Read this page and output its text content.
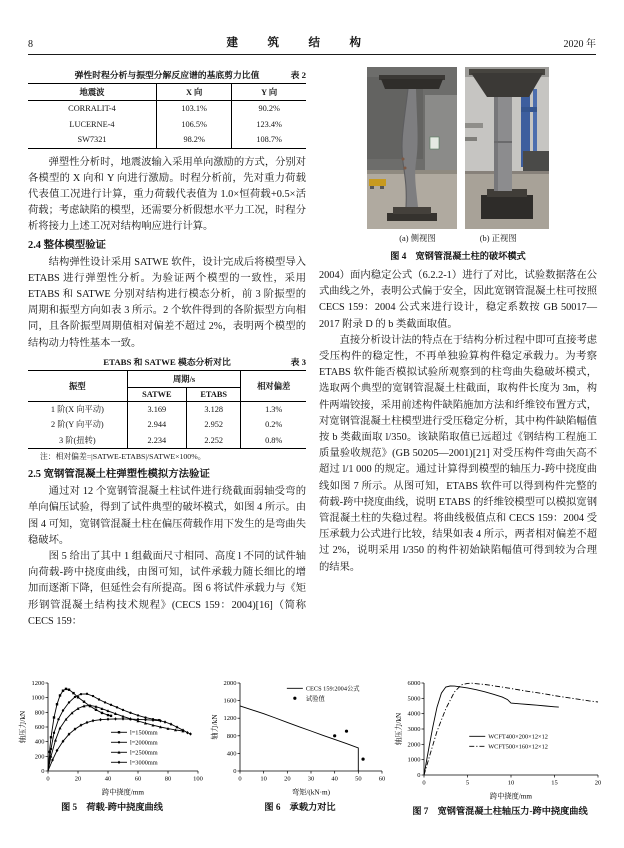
8	建　筑　结　构	2020 年
弹性时程分析与振型分解反应谱的基底剪力比值	表 2
地震波	X 向	Y 向
CORRALIT-4	103.1%	90.2%
LUCERNE-4	106.5%	123.4%
SW7321	98.2%	108.7%

弹塑性分析时，地震波输入采用单向激励的方式，分别对各模型的 X 向和 Y 向进行激励。时程分析前，先对重力荷载代表值工况进行计算，重力荷载代表值为 1.0×恒荷载+0.5×活荷载；考虑缺陷的模型，还需要分析假想水平力工况，时程分析将接力上述工况对结构响应进行计算。

2.4 整体模型验证

结构弹性设计采用 SATWE 软件，设计完成后将模型导入 ETABS 进行弹塑性分析。为验证两个模型的一致性，采用 ETABS 和 SATWE 分别对结构进行模态分析，前 3 阶振型的周期和振型方向如表 3 所示。2 个软件得到的各阶振型方向相同，且各阶振型周期值相对偏差不超过 2%，表明两个模型的结构动力特性基本一致。

ETABS 和 SATWE 模态分析对比	表 3
振型	周期/s		相对偏差
	SATWE	ETABS	
1 阶(X 向平动)	3.169	3.128	1.3%
2 阶(Y 向平动)	2.944	2.952	0.2%
3 阶(扭转)	2.234	2.252	0.8%
注：相对偏差=|SATWE-ETABS|/SATWE×100%。
2.5 宽钢管混凝土柱弹塑性模拟方法验证

通过对 12 个宽钢管混凝土柱试件进行绕截面弱轴受弯的单向偏压试验，得到了试件典型的破坏模式，如图 4 所示。由图 4 可知，宽钢管混凝土柱在偏压荷载作用下发生的是弯曲失稳破坏。

图 5 给出了其中 1 组截面尺寸相同、高度 l 不同的试件轴向荷载-跨中挠度曲线，由图可知，试件承载力随长细比的增加而逐渐下降，但延性会有所提高。图 6 将试件承载力与《矩形钢管混凝土结构技术规程》(CECS 159：2004)[16]（简称 CECS 159：

(a) 侧视图	(b) 正视图
图 4　宽钢管混凝土柱的破坏模式

2004）面内稳定公式（6.2.2-1）进行了对比，试验数据落在公式曲线之外，表明公式偏于安全，因此宽钢管混凝土柱可按照 CECS 159：2004 公式来进行设计，稳定系数按 GB 50017—2017 附录 D 的 b 类截面取值。

直接分析设计法的特点在于结构分析过程中即可直接考虑受压构件的稳定性，不再单独验算构件稳定承载力。为考察 ETABS 软件能否模拟试验所观察到的柱弯曲失稳破坏模式，选取两个典型的宽钢管混凝土柱截面，取构件长度为 3m，构件两端铰接，采用前述构件缺陷施加方法和纤维铰布置方式，对宽钢管混凝土柱模型进行受压稳定分析，其中构件缺陷幅值按 b 类截面取 l/350。该缺陷取值已远超过《钢结构工程施工质量验收规范》(GB 50205—2001)[21] 对受压构件弯曲矢高不超过 l/1 000 的规定。通过计算得到模型的轴压力-跨中挠度曲线如图 7 所示。从图可知，ETABS 软件可以得到构件完整的荷载-跨中挠度曲线，说明 ETABS 的纤维铰模型可以模拟宽钢管混凝土柱的失稳过程。将曲线极值点和 CECS 159：2004 受压承载力公式进行比较，结果如表 4 所示，两者相对偏差不超过 2%，说明采用 l/350 的构件初始缺陷幅值可得到较为合理的结果。

0	20	40	60	80	100
0
200
400
600
800
1000
1200
跨中挠度/mm
轴压力/kN	l=1500mm
l=2000mm
l=2500mm
l=3000mm
图 5　荷载-跨中挠度曲线
0	10	20	30	40	50	60
0
400
800
1200
1600
2000
弯矩/(kN·m)
轴力/kN
CECS 159:2004公式
试验值
图 6　承载力对比
0	5	10	15	20
0
1000
2000
3000
4000
5000
6000
跨中挠度/mm
轴压力/kN	WCFT400×200×12×12
WCFT500×160×12×12
图 7　宽钢管混凝土柱轴压力-跨中挠度曲线
